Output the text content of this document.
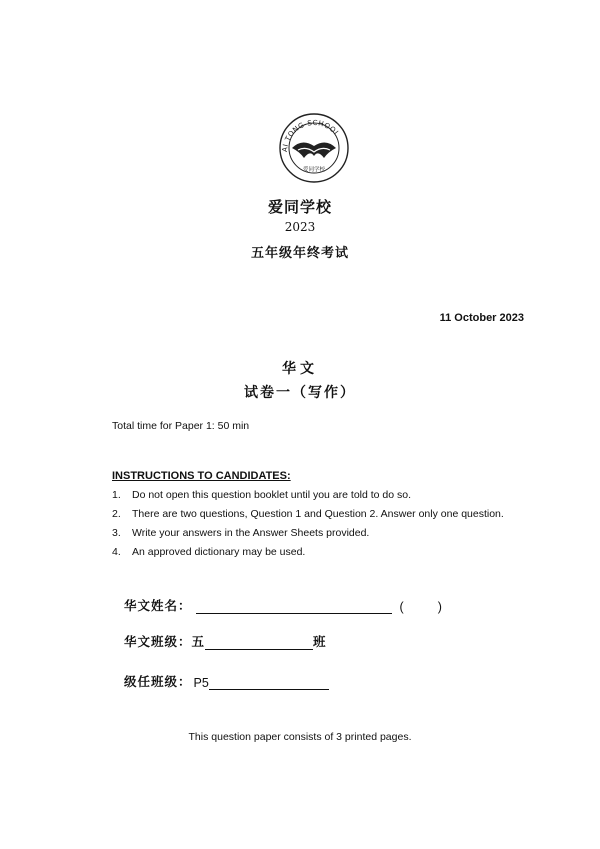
AI TONG SCHOOL
爱同学校
爱同学校
2023
五年级年终考试
11 October 2023
华文
试卷一（写作）
Total time for Paper 1: 50 min
INSTRUCTIONS TO CANDIDATES:
1.	Do not open this question booklet until you are told to do so.
2.	There are two questions, Question 1 and Question 2. Answer only one question.
3.	Write your answers in the Answer Sheets provided.
4.	An approved dictionary may be used.
华文姓名：	(	)
华文班级：五	班
级任班级： P5
This question paper consists of 3 printed pages.
